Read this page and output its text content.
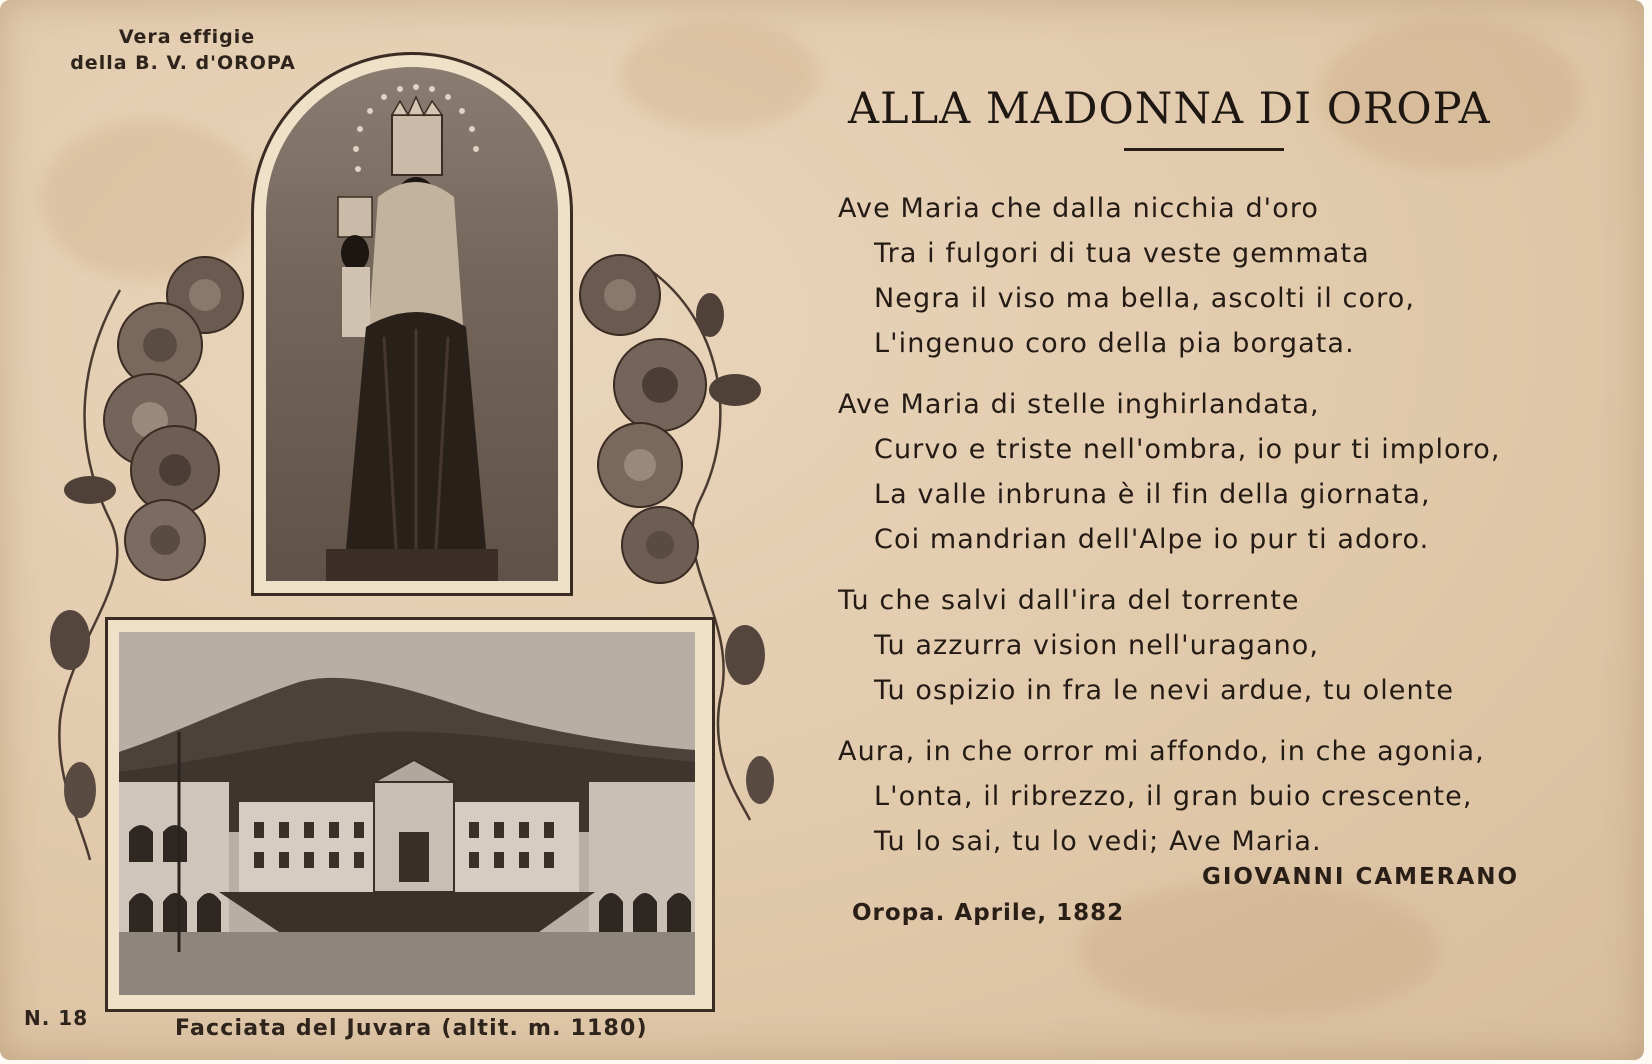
Vera effigie
della B. V. d'OROPA
N. 18	Facciata del Juvara (altit. m. 1180)
ALLA MADONNA DI OROPA
Ave Maria che dalla nicchia d'oro
Tra i fulgori di tua veste gemmata
Negra il viso ma bella, ascolti il coro,
L'ingenuo coro della pia borgata.
Ave Maria di stelle inghirlandata,
Curvo e triste nell'ombra, io pur ti imploro,
La valle inbruna è il fin della giornata,
Coi mandrian dell'Alpe io pur ti adoro.
Tu che salvi dall'ira del torrente
Tu azzurra vision nell'uragano,
Tu ospizio in fra le nevi ardue, tu olente
Aura, in che orror mi affondo, in che agonia,
L'onta, il ribrezzo, il gran buio crescente,
Tu lo sai, tu lo vedi; Ave Maria.
GIOVANNI CAMERANO
Oropa. Aprile, 1882
